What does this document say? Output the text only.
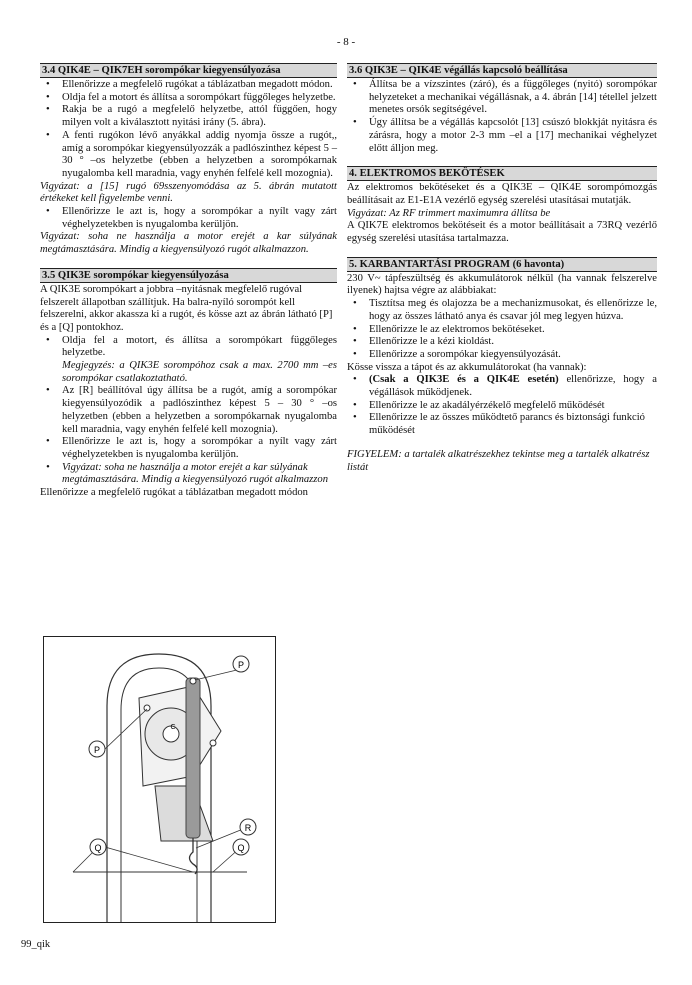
- 8 -
3.4 QIK4E – QIK7EH sorompókar kiegyensúlyozása
• Ellenőrizze a megfelelő rugókat a táblázatban megadott módon.
• Oldja fel a motort és állítsa a sorompókart függőleges helyzetbe.
• Rakja be a rugó a megfelelő helyzetbe, attól függően, hogy milyen volt a kiválasztott nyitási irány (5. ábra).
• A fenti rugókon lévő anyákkal addig nyomja össze a rugót,, amíg a sorompókar kiegyensúlyozzák a padlószinthez képest 5 – 30 ° –os helyzetbe (ebben a helyzetben a sorompókarnak nyugalomba kell maradnia, vagy enyhén felfelé kell mozognia).

Vigyázat: a [15] rugó 69sszenyomódása az 5. ábrán mutatott értékeket kell figyelembe venni.

• Ellenőrizze le azt is, hogy a sorompókar a nyílt vagy zárt véghelyzetekben is nyugalomba kerüljön.

Vigyázat: soha ne használja a motor erejét a kar súlyának megtámasztására. Mindig a kiegyensúlyozó rugót alkalmazzon.

3.5 QIK3E sorompókar kiegyensúlyozása

A QIK3E sorompókart a jobbra –nyitásnak megfelelő rugóval felszerelt állapotban szállítjuk. Ha balra-nyíló sorompót kell felszerelni, akkor akassza ki a rugót, és kösse azt az ábrán látható [P] és a [Q] pontokhoz.

• Oldja fel a motort, és állítsa a sorompókart függőleges helyzetbe.
Megjegyzés: a QIK3E sorompóhoz csak a max. 2700 mm –es sorompókar csatlakoztatható.
• Az [R] beállítóval úgy állítsa be a rugót, amíg a sorompókar kiegyensúlyozódik a padlószinthez képest 5 – 30 ° –os helyzetben (ebben a helyzetben a sorompókarnak nyugalomba kell maradnia, vagy enyhén felfelé kell mozognia).
• Ellenőrizze le azt is, hogy a sorompókar a nyílt vagy zárt véghelyzetekben is nyugalomba kerüljön.
• Vigyázat: soha ne használja a motor erejét a kar súlyának megtámasztására. Mindig a kiegyensúlyozó rugót alkalmazzon

Ellenőrizze a megfelelő rugókat a táblázatban megadott módon

P
P
R
Q	Q
C
3.6 QIK3E – QIK4E végállás kapcsoló beállítása
• Állítsa be a vízszintes (záró), és a függőleges (nyitó) sorompókar helyzeteket a mechanikai végállásnak, a 4. ábrán [14] tétellel jelzett menetes orsók segítségével.
• Úgy állítsa be a végállás kapcsolót [13] csúszó blokkját nyitásra és zárásra, hogy a motor 2-3 mm –el a [17] mechanikai véghelyzet előtt álljon meg.
4. ELEKTROMOS BEKÖTÉSEK

Az elektromos bekötéseket és a QIK3E – QIK4E sorompómozgás beállításait az E1-E1A vezérlő egység szerelési utasításai mutatják.

Vigyázat: Az RF trimmert maximumra állítsa be

A QIK7E elektromos bekötéseit és a motor beállításait a 73RQ vezérlő egység szerelési utasítása tartalmazza.

5. KARBANTARTÁSI PROGRAM (6 havonta)

230 V~ tápfeszültség és akkumulátorok nélkül (ha vannak felszerelve ilyenek) hajtsa végre az alábbiakat:

• Tisztítsa meg és olajozza be a mechanizmusokat, és ellenőrizze le, hogy az összes látható anya és csavar jól meg legyen húzva.
• Ellenőrizze le az elektromos bekötéseket.
• Ellenőrizze le a kézi kioldást.
• Ellenőrizze a sorompókar kiegyensúlyozását.

Kösse vissza a tápot és az akkumulátorokat (ha vannak):

• (Csak a QIK3E és a QIK4E esetén) ellenőrizze, hogy a végállások működjenek.
• Ellenőrizze le az akadályérzékelő megfelelő működését
• Ellenőrizze le az összes működtető parancs és biztonsági funkció működését

FIGYELEM: a tartalék alkatrészekhez tekintse meg a tartalék alkatrész listát

99_qik
